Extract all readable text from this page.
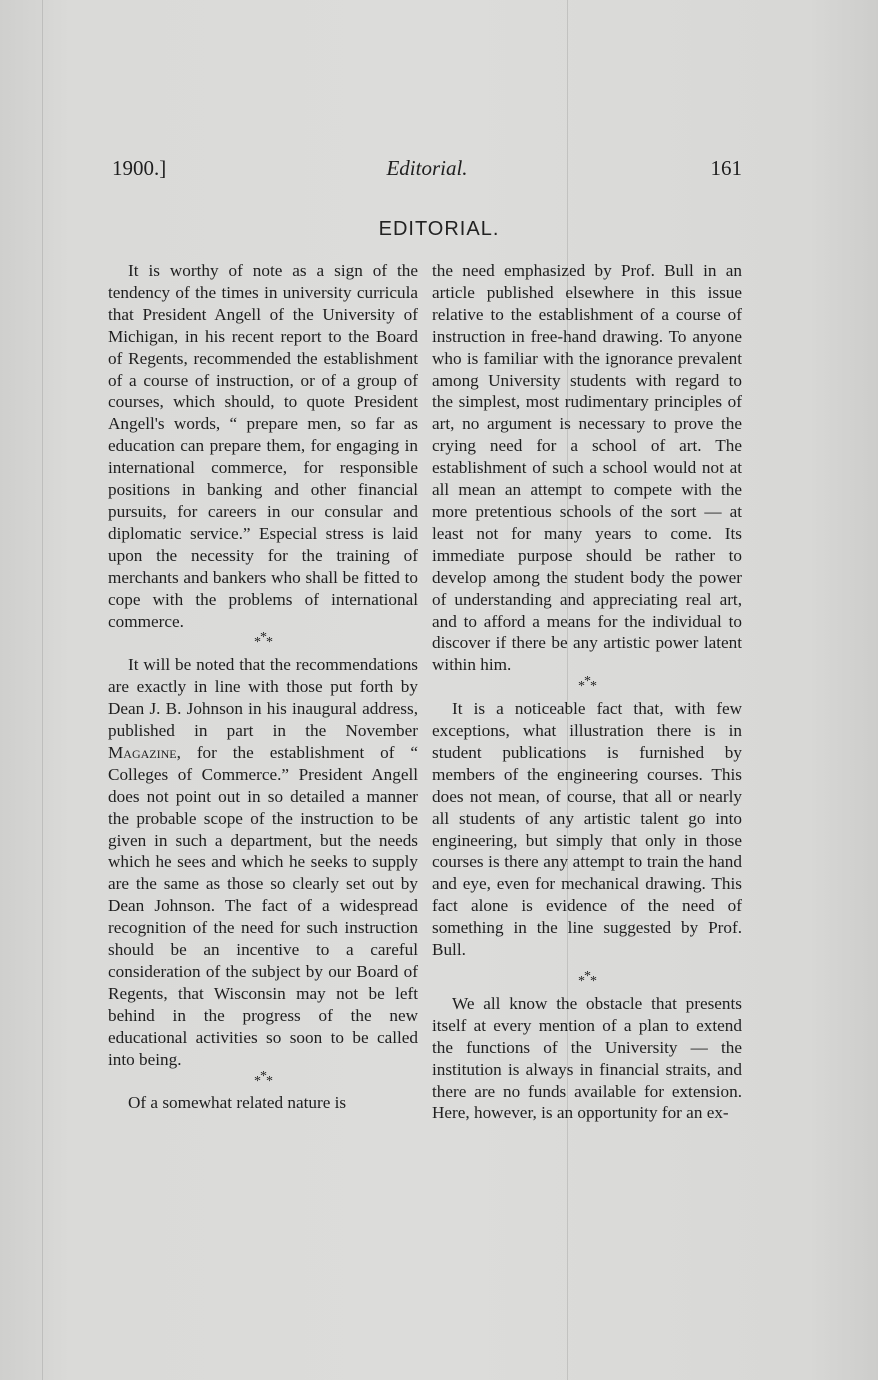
1900.]	Editorial.	161
EDITORIAL.

It is worthy of note as a sign of the tendency of the times in university curricula that President Angell of the University of Michigan, in his recent report to the Board of Regents, recommended the establishment of a course of instruction, or of a group of courses, which should, to quote President Angell's words, “ prepare men, so far as education can prepare them, for engaging in international commerce, for responsible positions in banking and other financial pursuits, for careers in our consular and diplomatic service.” Especial stress is laid upon the necessity for the training of merchants and bankers who shall be fitted to cope with the problems of international commerce.

***

It will be noted that the recommendations are exactly in line with those put forth by Dean J. B. Johnson in his inaugural address, published in part in the November Magazine, for the establishment of “ Colleges of Commerce.” President Angell does not point out in so detailed a manner the probable scope of the instruction to be given in such a department, but the needs which he sees and which he seeks to supply are the same as those so clearly set out by Dean Johnson. The fact of a widespread recognition of the need for such instruction should be an incentive to a careful consideration of the subject by our Board of Regents, that Wisconsin may not be left behind in the progress of the new educational activities so soon to be called into being.

***

Of a somewhat related nature is

the need emphasized by Prof. Bull in an article published elsewhere in this issue relative to the establishment of a course of instruction in free-hand drawing. To anyone who is familiar with the ignorance prevalent among University students with regard to the simplest, most rudimentary principles of art, no argument is necessary to prove the crying need for a school of art. The establishment of such a school would not at all mean an attempt to compete with the more pretentious schools of the sort — at least not for many years to come. Its immediate purpose should be rather to develop among the student body the power of understanding and appreciating real art, and to afford a means for the individual to discover if there be any artistic power latent within him.

***

It is a noticeable fact that, with few exceptions, what illustration there is in student publications is furnished by members of the engineering courses. This does not mean, of course, that all or nearly all students of any artistic talent go into engineering, but simply that only in those courses is there any attempt to train the hand and eye, even for mechanical drawing. This fact alone is evidence of the need of something in the line suggested by Prof. Bull.

***

We all know the obstacle that presents itself at every mention of a plan to extend the functions of the University — the institution is always in financial straits, and there are no funds available for extension. Here, however, is an opportunity for an ex-
